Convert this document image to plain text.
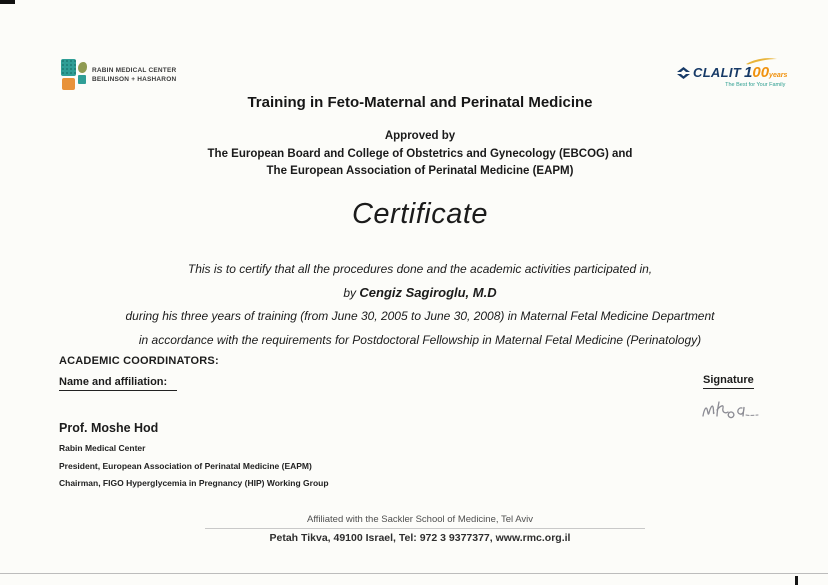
RABIN MEDICAL CENTER
BEILINSON + HASHARON	CLALIT 100 years
The Best for Your Family
Training in Feto-Maternal and Perinatal Medicine
Approved by
The European Board and College of Obstetrics and Gynecology (EBCOG) and
The European Association of Perinatal Medicine (EAPM)
Certificate
This is to certify that all the procedures done and the academic activities participated in,
by Cengiz Sagiroglu, M.D
during his three years of training (from June 30, 2005 to June 30, 2008) in Maternal Fetal Medicine Department
in accordance with the requirements for Postdoctoral Fellowship in Maternal Fetal Medicine (Perinatology)
ACADEMIC COORDINATORS:
Name and affiliation:	Signature
Prof. Moshe Hod
Rabin Medical Center
President, European Association of Perinatal Medicine (EAPM)
Chairman, FIGO Hyperglycemia in Pregnancy (HIP) Working Group
Affiliated with the Sackler School of Medicine, Tel Aviv
Petah Tikva, 49100 Israel, Tel: 972 3 9377377, www.rmc.org.il
